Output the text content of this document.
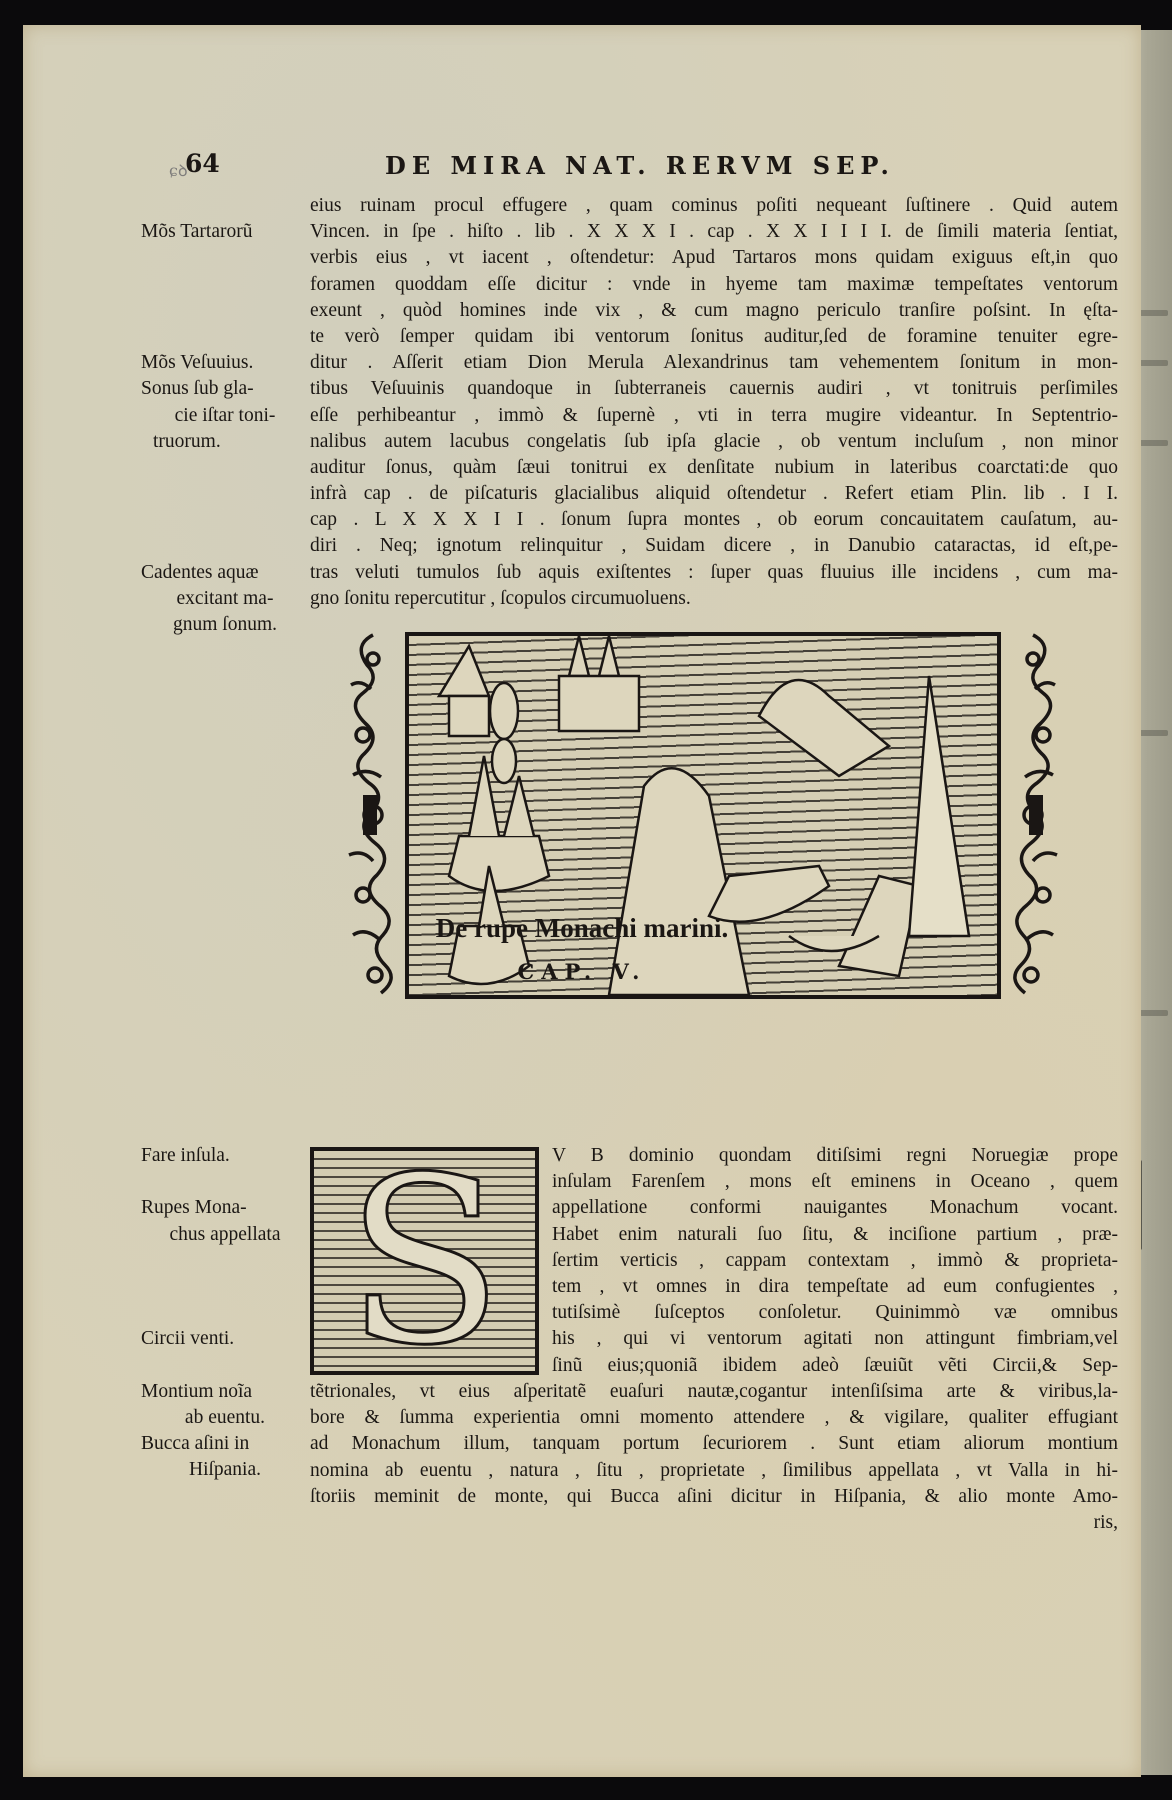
ɕꝺ
64	DE MIRA NAT. RERVM SEP.
Mõs Tartarorũ
Mõs Veſuuius.
Sonus ſub gla-
cie iſtar toni-
truorum.
Cadentes aquæ
excitant ma-
gnum ſonum.
eius ruinam procul effugere , quam cominus poſiti nequeant ſuſtinere . Quid autem
Vincen. in ſpe . hiſto . lib . X X X I . cap . X X I I I I. de ſimili materia ſentiat,
verbis eius , vt iacent , oſtendetur: Apud Tartaros mons quidam exiguus eſt,in quo
foramen quoddam eſſe dicitur : vnde in hyeme tam maximæ tempeſtates ventorum
exeunt , quòd homines inde vix , & cum magno periculo tranſire poſsint. In ęſta-
te verò ſemper quidam ibi ventorum ſonitus auditur,ſed de foramine tenuiter egre-
ditur . Aſſerit etiam Dion Merula Alexandrinus tam vehementem ſonitum in mon-
tibus Veſuuinis quandoque in ſubterraneis cauernis audiri , vt tonitruis perſimiles
eſſe perhibeantur , immò & ſupernè , vti in terra mugire videantur. In Septentrio-
nalibus autem lacubus congelatis ſub ipſa glacie , ob ventum incluſum , non minor
auditur ſonus, quàm ſæui tonitrui ex denſitate nubium in lateribus coarctati:de quo
infrà cap . de piſcaturis glacialibus aliquid oſtendetur . Refert etiam Plin. lib . I I.
cap . L X X X I I . ſonum ſupra montes , ob eorum concauitatem cauſatum, au-
diri . Neq; ignotum relinquitur , Suidam dicere , in Danubio cataractas, id eſt,pe-
tras veluti tumulos ſub aquis exiſtentes : ſuper quas fluuius ille incidens , cum ma-
gno ſonitu repercutitur , ſcopulos circumuoluens.
De rupe Monachi marini.
CAP. V.
Fare inſula.
Rupes Mona-
chus appellata
Circii venti.
Montium noĩa
ab euentu.
Bucca aſini in
Hiſpania.
S	V B dominio quondam ditiſsimi regni Noruegiæ prope
inſulam Farenſem , mons eſt eminens in Oceano , quem
appellatione conformi nauigantes Monachum vocant.
Habet enim naturali ſuo ſitu, & inciſione partium , præ-
ſertim verticis , cappam contextam , immò & proprieta-
tem , vt omnes in dira tempeſtate ad eum confugientes ,
tutiſsimè ſuſceptos conſoletur. Quinimmò væ omnibus
his , qui vi ventorum agitati non attingunt fimbriam,vel
ſinũ eius;quoniã ibidem adeò ſæuiũt vẽti Circii,& Sep-
tẽtrionales, vt eius aſperitatẽ euaſuri nautæ,cogantur intenſiſsima arte & viribus,la-
bore & ſumma experientia omni momento attendere , & vigilare, qualiter effugiant
ad Monachum illum, tanquam portum ſecuriorem . Sunt etiam aliorum montium
nomina ab euentu , natura , ſitu , proprietate , ſimilibus appellata , vt Valla in hi-
ſtoriis meminit de monte, qui Bucca aſini dicitur in Hiſpania, & alio monte Amo-
ris,
